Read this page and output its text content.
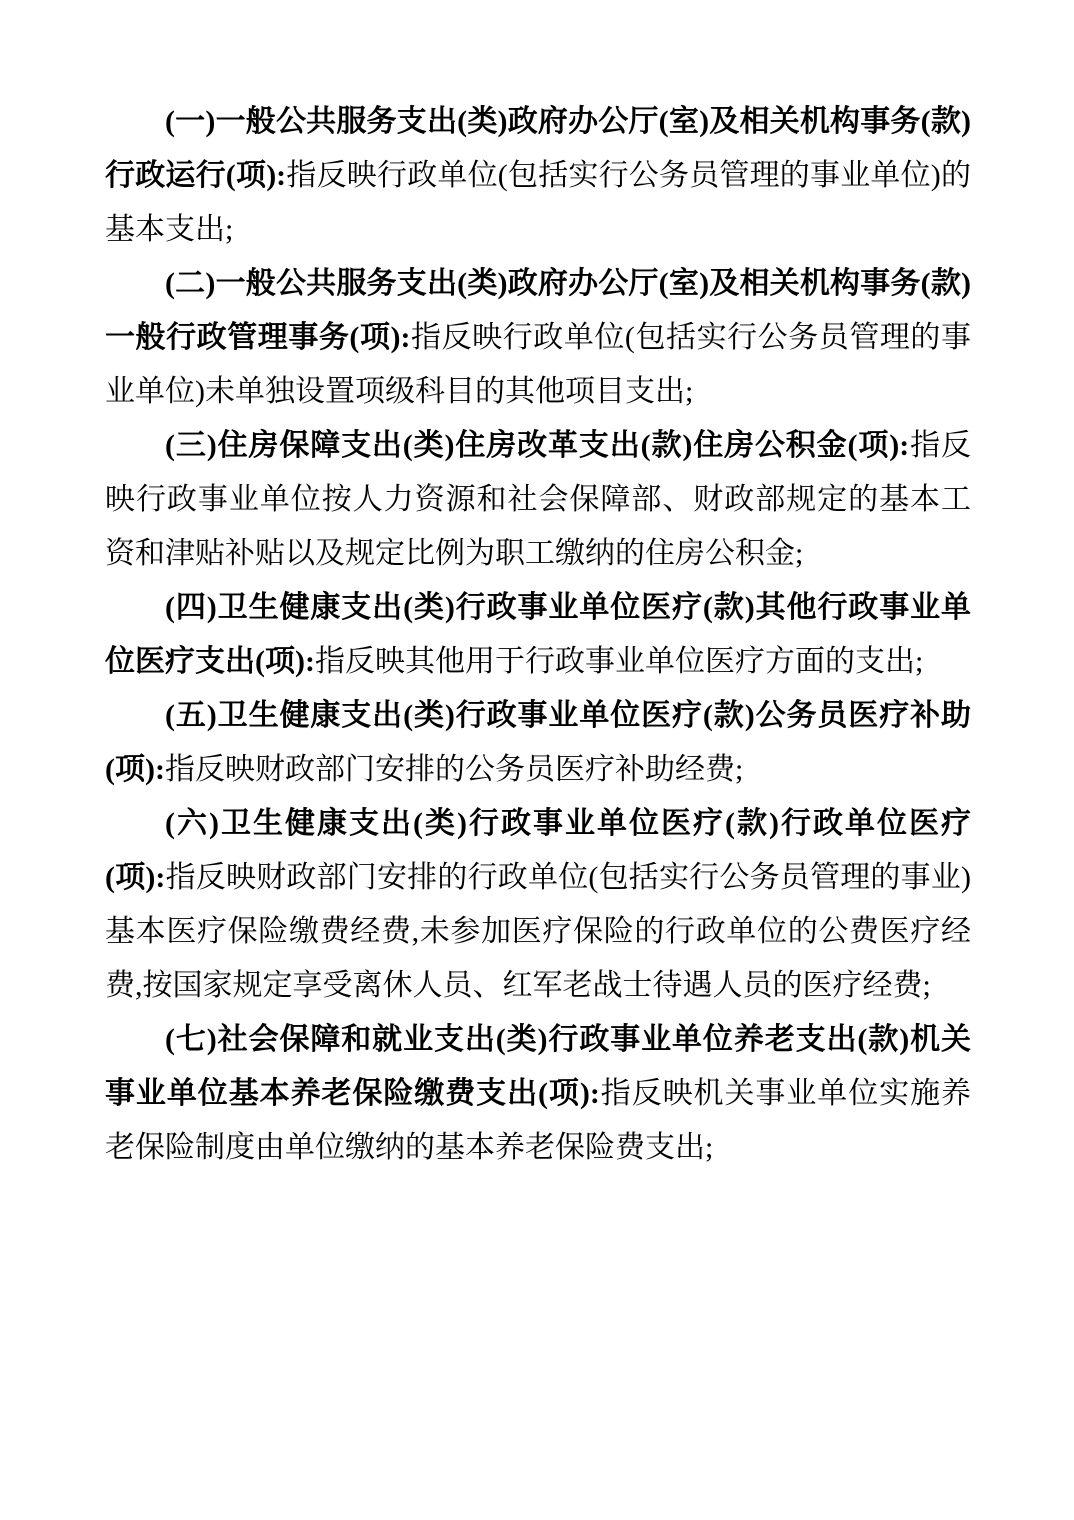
(一)一般公共服务支出(类)政府办公厅(室)及相关机构事务(款)行政运行(项):指反映行政单位(包括实行公务员管理的事业单位)的基本支出;

(二)一般公共服务支出(类)政府办公厅(室)及相关机构事务(款)一般行政管理事务(项):指反映行政单位(包括实行公务员管理的事业单位)未单独设置项级科目的其他项目支出;

(三)住房保障支出(类)住房改革支出(款)住房公积金(项):指反映行政事业单位按人力资源和社会保障部、财政部规定的基本工资和津贴补贴以及规定比例为职工缴纳的住房公积金;

(四)卫生健康支出(类)行政事业单位医疗(款)其他行政事业单位医疗支出(项):指反映其他用于行政事业单位医疗方面的支出;

(五)卫生健康支出(类)行政事业单位医疗(款)公务员医疗补助(项):指反映财政部门安排的公务员医疗补助经费;

(六)卫生健康支出(类)行政事业单位医疗(款)行政单位医疗(项):指反映财政部门安排的行政单位(包括实行公务员管理的事业)基本医疗保险缴费经费,未参加医疗保险的行政单位的公费医疗经费,按国家规定享受离休人员、红军老战士待遇人员的医疗经费;

(七)社会保障和就业支出(类)行政事业单位养老支出(款)机关事业单位基本养老保险缴费支出(项):指反映机关事业单位实施养老保险制度由单位缴纳的基本养老保险费支出;
